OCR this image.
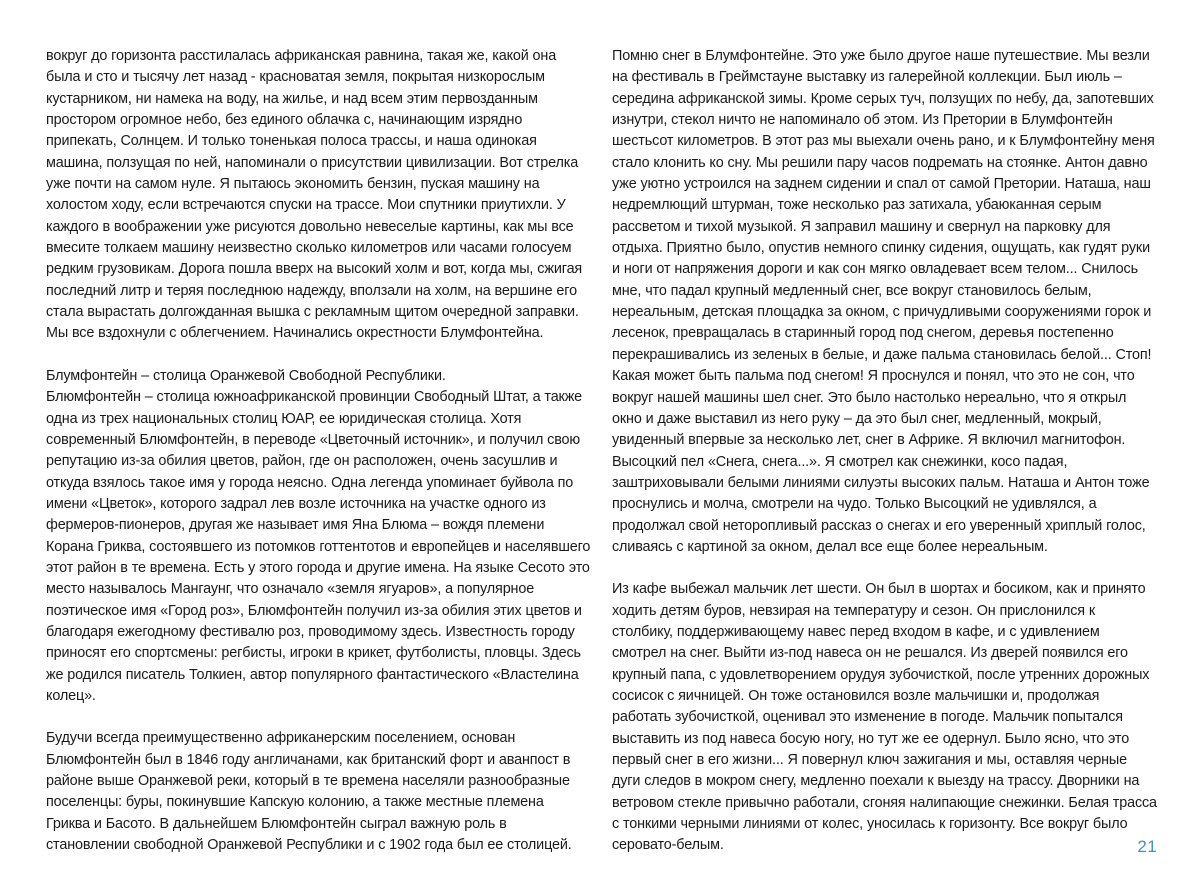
вокруг до горизонта расстилалась африканская равнина, такая же, какой она была и сто и тысячу лет назад - красноватая земля, покрытая низкорослым кустарником, ни намека на воду, на жилье, и над всем этим первозданным простором огромное небо, без единого облачка с, начинающим изрядно припекать, Солнцем. И только тоненькая полоса трассы, и наша одинокая машина, ползущая по ней, напоминали о присутствии цивилизации. Вот стрелка уже почти на самом нуле. Я пытаюсь экономить бензин, пуская машину на холостом ходу, если встречаются спуски на трассе. Мои спутники приутихли. У каждого в воображении уже рисуются довольно невеселые картины, как мы все вмесите толкаем машину неизвестно сколько километров или часами голосуем редким грузовикам. Дорога пошла вверх на высокий холм и вот, когда мы, сжигая последний литр и теряя последнюю надежду, вползали на холм, на вершине его стала вырастать долгожданная вышка с рекламным щитом очередной заправки. Мы все вздохнули с облегчением. Начинались окрестности Блумфонтейна.

Блумфонтейн – столица Оранжевой Свободной Республики.

Блюмфонтейн – столица южноафриканской провинции Свободный Штат, а также одна из трех национальных столиц ЮАР, ее юридическая столица. Хотя современный Блюмфонтейн, в переводе «Цветочный источник», и получил свою репутацию из-за обилия цветов, район, где он расположен, очень засушлив и откуда взялось такое имя у города неясно. Одна легенда упоминает буйвола по имени «Цветок», которого задрал лев возле источника на участке одного из фермеров-пионеров, другая же называет имя Яна Блюма – вождя племени Корана Гриква, состоявшего из потомков готтентотов и европейцев и населявшего этот район в те времена. Есть у этого города и другие имена. На языке Сесото это место называлось Мангаунг, что означало «земля ягуаров», а популярное поэтическое имя «Город роз», Блюмфонтейн получил из-за обилия этих цветов и благодаря ежегодному фестивалю роз, проводимому здесь. Известность городу приносят его спортсмены: регбисты, игроки в крикет, футболисты, пловцы. Здесь же родился писатель Толкиен, автор популярного фантастического «Властелина колец».

Будучи всегда преимущественно африканерским поселением, основан Блюмфонтейн был в 1846 году англичанами, как британский форт и аванпост в районе выше Оранжевой реки, который в те времена населяли разнообразные поселенцы: буры, покинувшие Капскую колонию, а также местные племена Гриква и Басото. В дальнейшем Блюмфонтейн сыграл важную роль в становлении свободной Оранжевой Республики и с 1902 года был ее столицей.

Помню снег в Блумфонтейне. Это уже было другое наше путешествие. Мы везли на фестиваль в Греймстауне выставку из галерейной коллекции. Был июль – середина африканской зимы. Кроме серых туч, ползущих по небу, да, запотевших изнутри, стекол ничто не напоминало об этом. Из Претории в Блумфонтейн шестьсот километров. В этот раз мы выехали очень рано, и к Блумфонтейну меня стало клонить ко сну. Мы решили пару часов подремать на стоянке. Антон давно уже уютно устроился на заднем сидении и спал от самой Претории. Наташа, наш недремлющий штурман, тоже несколько раз затихала, убаюканная серым рассветом и тихой музыкой. Я заправил машину и свернул на парковку для отдыха. Приятно было, опустив немного спинку сидения, ощущать, как гудят руки и ноги от напряжения дороги и как сон мягко овладевает всем телом... Снилось мне, что падал крупный медленный снег, все вокруг становилось белым, нереальным, детская площадка за окном, с причудливыми сооружениями горок и лесенок, превращалась в старинный город под снегом, деревья постепенно перекрашивались из зеленых в белые, и даже пальма становилась белой... Стоп! Какая может быть пальма под снегом! Я проснулся и понял, что это не сон, что вокруг нашей машины шел снег. Это было настолько нереально, что я открыл окно и даже выставил из него руку – да это был снег, медленный, мокрый, увиденный впервые за несколько лет, снег в Африке. Я включил магнитофон. Высоцкий пел «Снега, снега...». Я смотрел как снежинки, косо падая, заштриховывали белыми линиями силуэты высоких пальм. Наташа и Антон тоже проснулись и молча, смотрели на чудо. Только Высоцкий не удивлялся, а продолжал свой неторопливый рассказ о снегах и его уверенный хриплый голос, сливаясь с картиной за окном, делал все еще более нереальным.

Из кафе выбежал мальчик лет шести. Он был в шортах и босиком, как и принято ходить детям буров, невзирая на температуру и сезон. Он прислонился к столбику, поддерживающему навес перед входом в кафе, и с удивлением смотрел на снег. Выйти из-под навеса он не решался. Из дверей появился его крупный папа, с удовлетворением орудуя зубочисткой, после утренних дорожных сосисок с яичницей. Он тоже остановился возле мальчишки и, продолжая работать зубочисткой, оценивал это изменение в погоде. Мальчик попытался выставить из под навеса босую ногу, но тут же ее одернул. Было ясно, что это первый снег в его жизни... Я повернул ключ зажигания и мы, оставляя черные дуги следов в мокром снегу, медленно поехали к выезду на трассу. Дворники на ветровом стекле привычно работали, сгоняя налипающие снежинки. Белая трасса с тонкими черными линиями от колес, уносилась к горизонту. Все вокруг было серовато-белым.	21
